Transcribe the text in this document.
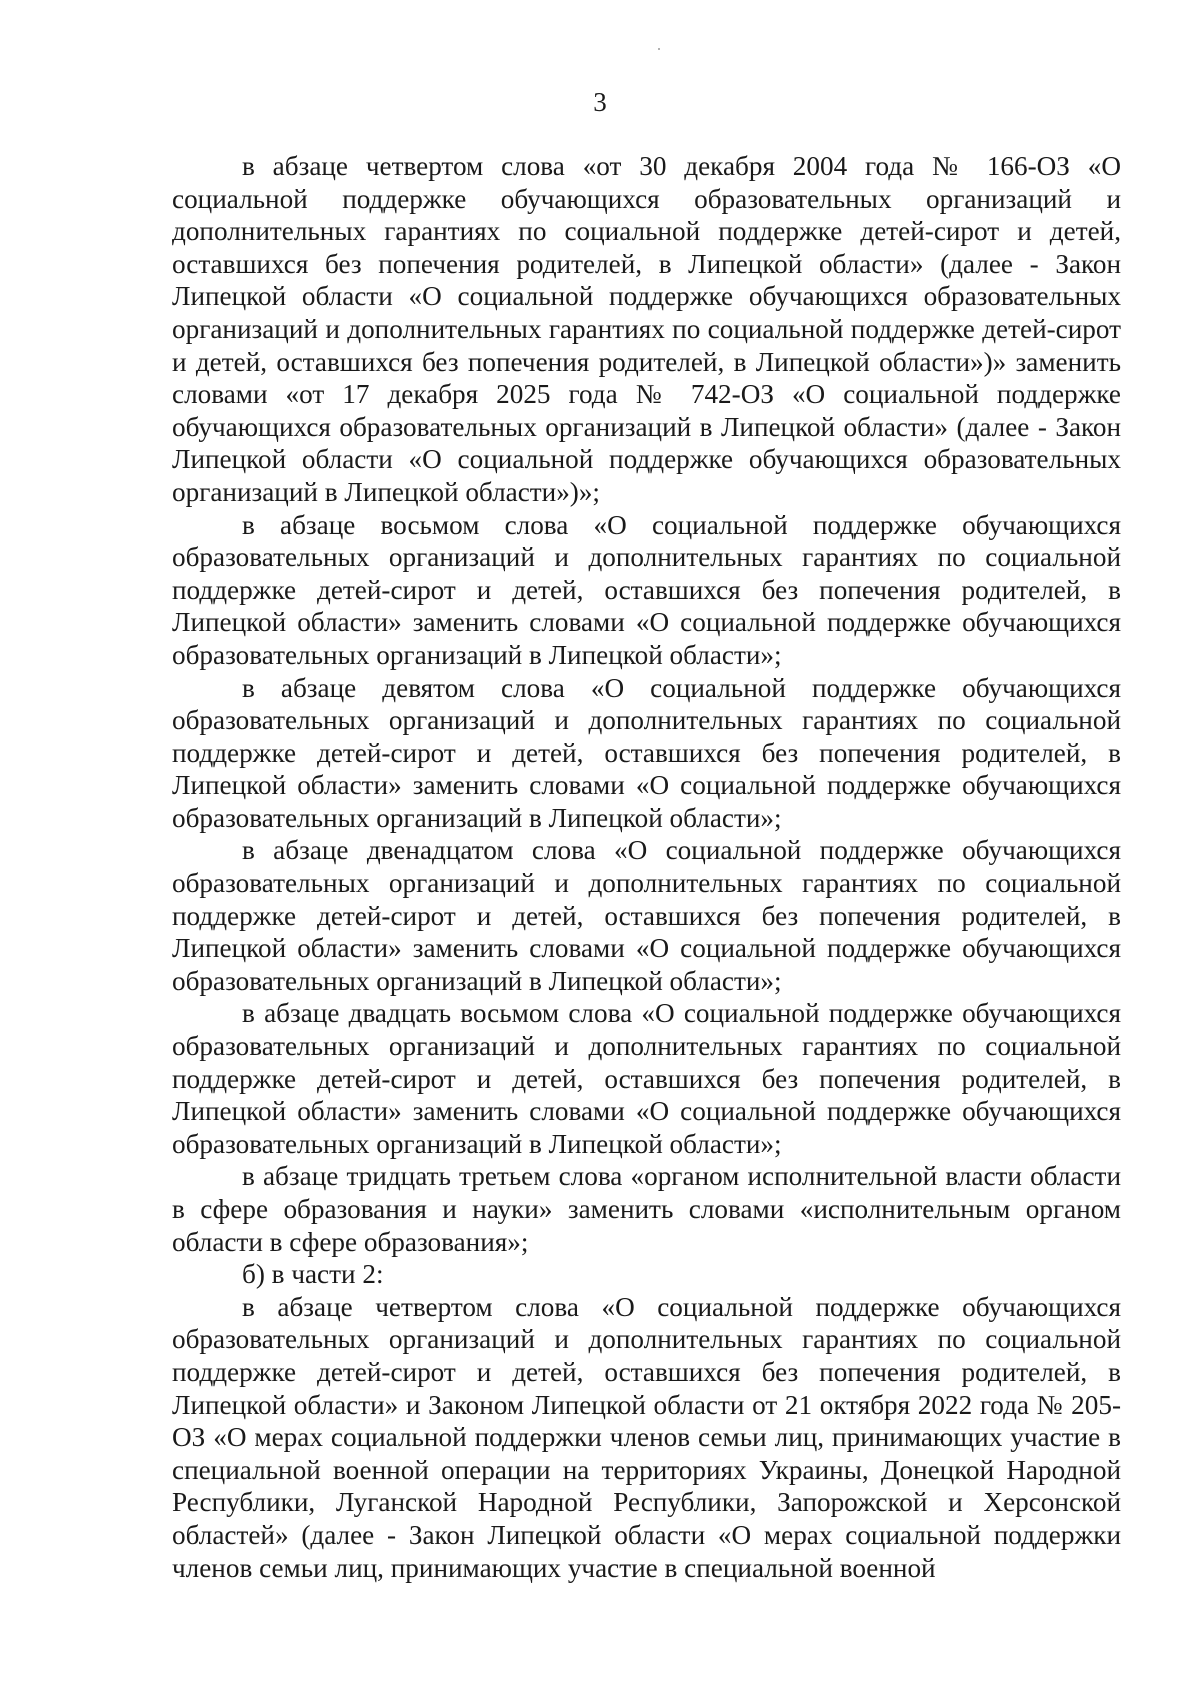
3

в абзаце четвертом слова «от 30 декабря 2004 года № 166-ОЗ «О социальной поддержке обучающихся образовательных организаций и дополнительных гарантиях по социальной поддержке детей-сирот и детей, оставшихся без попечения родителей, в Липецкой области» (далее - Закон Липецкой области «О социальной поддержке обучающихся образовательных организаций и дополнительных гарантиях по социальной поддержке детей-сирот и детей, оставшихся без попечения родителей, в Липецкой области»)» заменить словами «от 17 декабря 2025 года № 742-ОЗ «О социальной поддержке обучающихся образовательных организаций в Липецкой области» (далее - Закон Липецкой области «О социальной поддержке обучающихся образовательных организаций в Липецкой области»)»;

в абзаце восьмом слова «О социальной поддержке обучающихся образовательных организаций и дополнительных гарантиях по социальной поддержке детей-сирот и детей, оставшихся без попечения родителей, в Липецкой области» заменить словами «О социальной поддержке обучающихся образовательных организаций в Липецкой области»;

в абзаце девятом слова «О социальной поддержке обучающихся образовательных организаций и дополнительных гарантиях по социальной поддержке детей-сирот и детей, оставшихся без попечения родителей, в Липецкой области» заменить словами «О социальной поддержке обучающихся образовательных организаций в Липецкой области»;

в абзаце двенадцатом слова «О социальной поддержке обучающихся образовательных организаций и дополнительных гарантиях по социальной поддержке детей-сирот и детей, оставшихся без попечения родителей, в Липецкой области» заменить словами «О социальной поддержке обучающихся образовательных организаций в Липецкой области»;

в абзаце двадцать восьмом слова «О социальной поддержке обучающихся образовательных организаций и дополнительных гарантиях по социальной поддержке детей-сирот и детей, оставшихся без попечения родителей, в Липецкой области» заменить словами «О социальной поддержке обучающихся образовательных организаций в Липецкой области»;

в абзаце тридцать третьем слова «органом исполнительной власти области в сфере образования и науки» заменить словами «исполнительным органом области в сфере образования»;

б) в части 2:

в абзаце четвертом слова «О социальной поддержке обучающихся образовательных организаций и дополнительных гарантиях по социальной поддержке детей-сирот и детей, оставшихся без попечения родителей, в Липецкой области» и Законом Липецкой области от 21 октября 2022 года № 205-ОЗ «О мерах социальной поддержки членов семьи лиц, принимающих участие в специальной военной операции на территориях Украины, Донецкой Народной Республики, Луганской Народной Республики, Запорожской и Херсонской областей» (далее - Закон Липецкой области «О мерах социальной поддержки членов семьи лиц, принимающих участие в специальной военной
